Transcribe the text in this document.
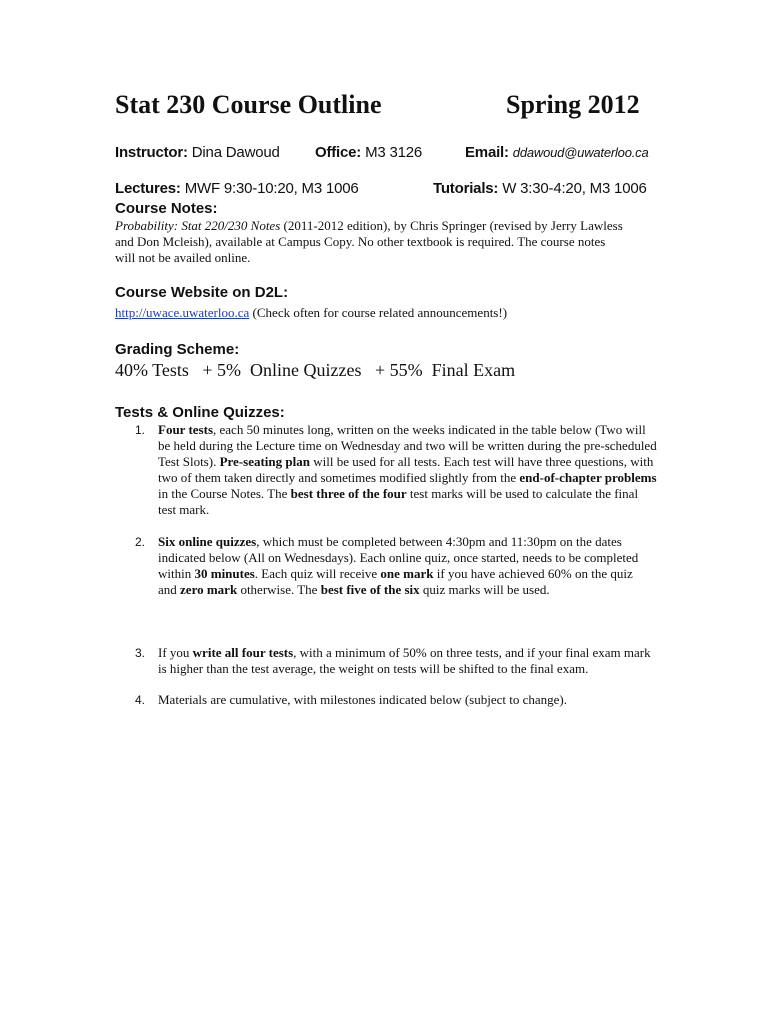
Stat 230 Course Outline	Spring 2012
Instructor: Dina Dawoud Office: M3 3126	Email: ddawoud@uwaterloo.ca
Lectures: MWF 9:30-10:20, M3 1006	Tutorials: W 3:30-4:20, M3 1006
Course Notes:
Probability: Stat 220/230 Notes (2011-2012 edition), by Chris Springer (revised by Jerry Lawless
and Don Mcleish), available at Campus Copy. No other textbook is required. The course notes
will not be availed online.
Course Website on D2L:
http://uwace.uwaterloo.ca (Check often for course related announcements!)
Grading Scheme:
40% Tests   + 5%  Online Quizzes   + 55%  Final Exam
Tests & Online Quizzes:
1. Four tests, each 50 minutes long, written on the weeks indicated in the table below (Two will be held during the Lecture time on Wednesday and two will be written during the pre-scheduled Test Slots). Pre-seating plan will be used for all tests. Each test will have three questions, with two of them taken directly and sometimes modified slightly from the end-of-chapter problems in the Course Notes. The best three of the four test marks will be used to calculate the final test mark.
2. Six online quizzes, which must be completed between 4:30pm and 11:30pm on the dates indicated below (All on Wednesdays). Each online quiz, once started, needs to be completed within 30 minutes. Each quiz will receive one mark if you have achieved 60% on the quiz and zero mark otherwise. The best five of the six quiz marks will be used.
3. If you write all four tests, with a minimum of 50% on three tests, and if your final exam mark is higher than the test average, the weight on tests will be shifted to the final exam.
4. Materials are cumulative, with milestones indicated below (subject to change).
